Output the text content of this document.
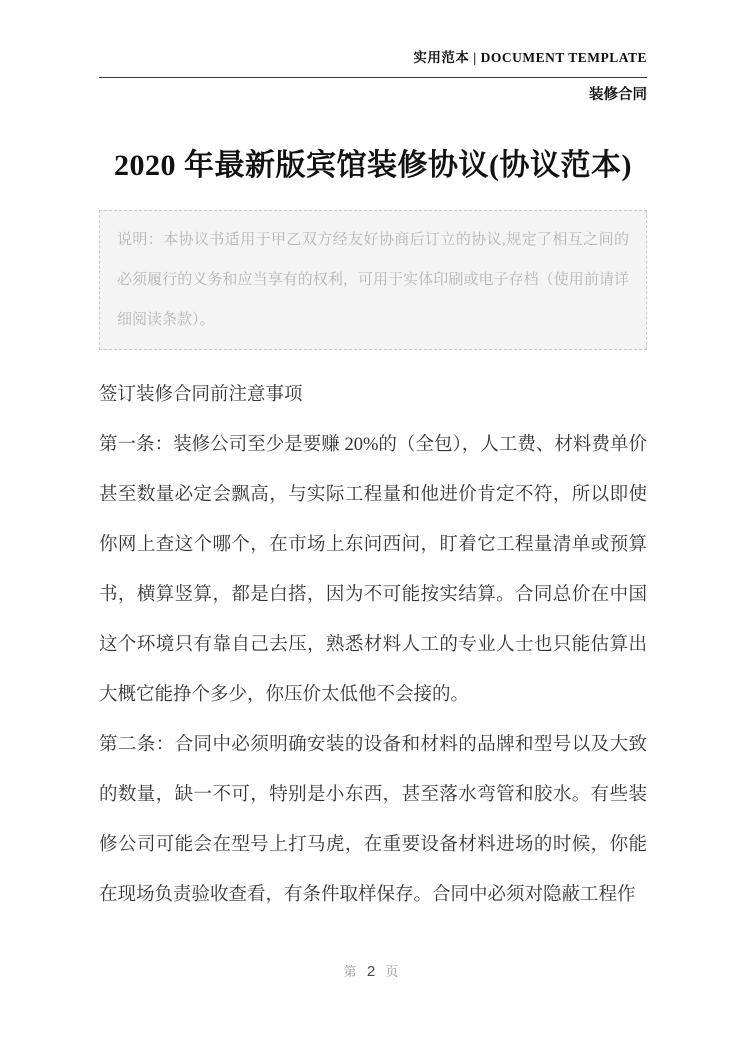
实用范本 | DOCUMENT TEMPLATE
装修合同
2020 年最新版宾馆装修协议(协议范本)

说明：本协议书适用于甲乙双方经友好协商后订立的协议,规定了相互之间的必须履行的义务和应当享有的权利，可用于实体印刷或电子存档（使用前请详细阅读条款）。

签订装修合同前注意事项

第一条：装修公司至少是要赚 20%的（全包），人工费、材料费单价甚至数量必定会飘高，与实际工程量和他进价肯定不符，所以即使你网上查这个哪个，在市场上东问西问，盯着它工程量清单或预算书，横算竖算，都是白搭，因为不可能按实结算。合同总价在中国这个环境只有靠自己去压，熟悉材料人工的专业人士也只能估算出大概它能挣个多少，你压价太低他不会接的。

第二条：合同中必须明确安装的设备和材料的品牌和型号以及大致的数量，缺一不可，特别是小东西，甚至落水弯管和胶水。有些装修公司可能会在型号上打马虎，在重要设备材料进场的时候，你能在现场负责验收查看，有条件取样保存。合同中必须对隐蔽工程作

第 2 页
